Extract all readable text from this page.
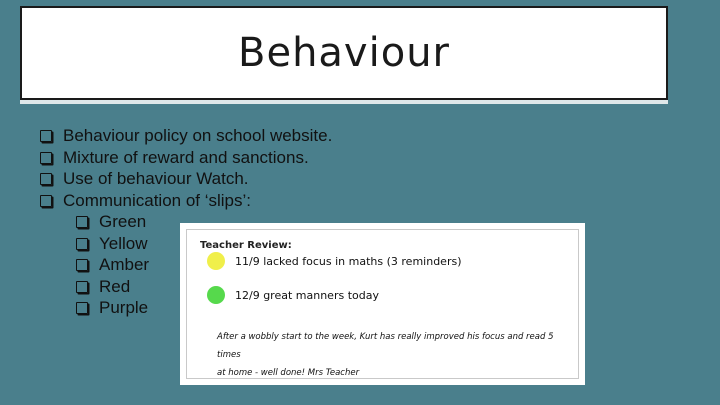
Behaviour
Behaviour policy on school website.
Mixture of reward and sanctions.
Use of behaviour Watch.
Communication of ‘slips’:
Green
Yellow
Amber
Red
Purple
Teacher Review:
11/9 lacked focus in maths (3 reminders)
12/9 great manners today
After a wobbly start to the week, Kurt has really improved his focus and read 5 times
at home - well done! Mrs Teacher
